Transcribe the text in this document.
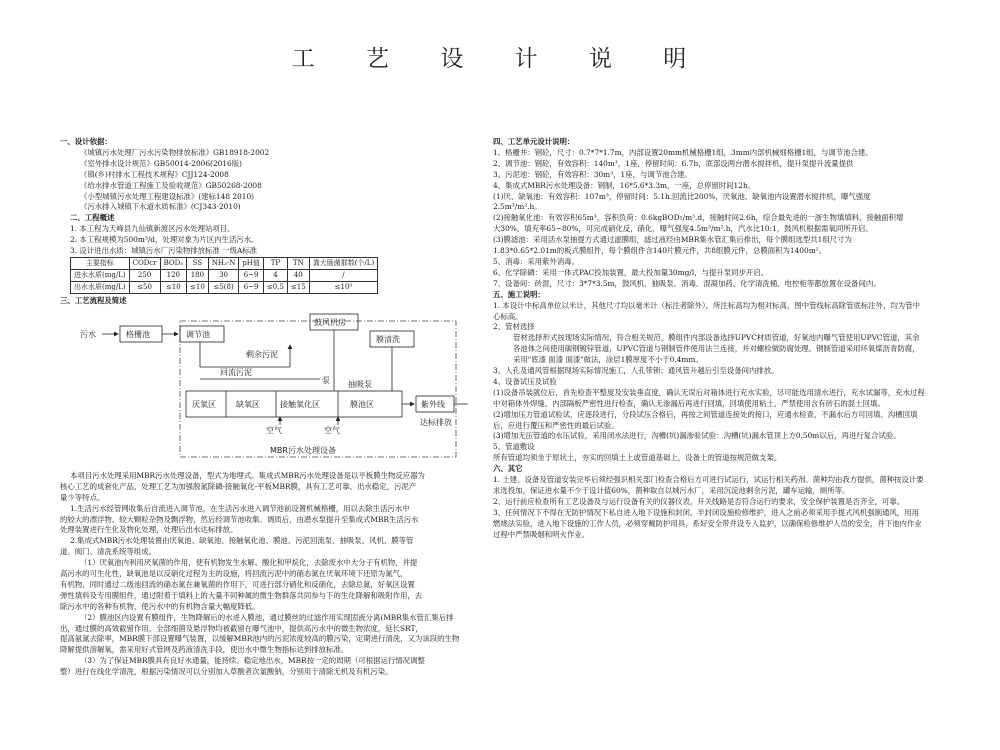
工 艺 设 计 说 明
一、设计依据：
《城镇污水处理厂污水污染物排放标准》GB18918-2002
《室外排水设计规范》GB50014-2006(2016版)
《镇(乡)村排水工程技术规程》CJJ124-2008
《给水排水管道工程施工及验收规范》GB50268-2008
《小型城镇污水处理工程建设标准》(建标148 2010)
《污水排入城镇下水道水质标准》(CJ343-2010)
二、工程概述
1. 本工程为天峰县九仙镇新渡区污水处理站项目。
2. 本工程规模为500m³/d，处理对象为片区内生活污水。
3. 设计进出水质：城镇污水厂污染物排放标准 一级A标准
主要指标	CODcr	BOD₅	SS	NH₃-N	pH值	TP	TN	粪大肠菌群数(个/L)
进水水质(mg/L)	250	120	180	30	6~9	4	40	/
出水水质(mg/L)	≤50	≤10	≤10	≤5(8)	6~9	≤0.5	≤15	≤10³
三、工艺流程及简述
污水	格栅池	调节池
鼓风机房
膜清洗
剩余污泥
回流污泥
泵 抽吸泵
厌氧区	缺氧区	接触氧化区	膜池区	紫外线
达标排放
空气	空气
MBR污水处理设备
本项目污水处理采用MBR污水处理设备，型式为地埋式。集成式MBR污水处理设备是以平板膜生物反应器为
核心工艺的成套化产品，处理工艺为加强脱氮除磷-接触氧化-平板MBR膜，具有工艺可靠、出水稳定，污泥产
量少等特点。
1.生活污水经管网收集后自流进入调节池，在生活污水进入调节池前设置机械格栅，用以去除生活污水中
的较大的漂浮物、较大颗粒杂物及飘浮物，然后经调节池收集、调质后，由潜水泵提升至集成式MBR生活污水
处理装置进行生化及物化处理，处理后出水达标排放。
2.集成式MBR污水处理装置由厌氧池、缺氧池、接触氧化池、膜池、污泥回流泵、抽吸泵、风机、膜等管
道、阀门、清洗系统等组成。
（1）厌氧池内利用厌氧菌的作用，使有机物发生水解、酸化和甲烷化，去除废水中大分子有机物，并提
高污水的可生化性，缺氧池是以反硝化过程为主的设施，将回流污泥中的硝态氮在厌氧环境下还原为氮气，
有机物，同时通过二级池回流的硝态氮在兼氧菌的作用下，可进行部分硝化和反硝化，去除总氮，好氧区设置
弹性填料及专用膜组件，通过附着于填料上的大量不同种属的微生物群落共同参与下的生化降解和吸附作用，去
除污水中的各种有机物，使污水中的有机物含量大幅度降低。
（2）膜池区内设置有膜组件，生物降解后的水进入膜池，通过膜丝的过滤作用实现固液分离(MBR集水管汇集后排
出，通过膜的高效截留作用，全部细菌及悬浮物均被截留在曝气池中，提供高污水中的微生物浓度，延长SRT，
提高氨氮去除率，MBR膜下部设置曝气装置，以缓解MBR池内的污泥浓度较高的膜污染，定期进行清洗，又为该段的生物
降解提供溶解氧，需采用好式管网及药液清洗手段，使出水中微生物指标达到排放标准。
（3）为了保证MBR膜具有良好水通量，能持续、稳定地出水，MBR按一定的周期（可根据运行情况调整
整）进行在线化学清洗，根据污染情况可以分别加入草酸者次氯酸钠，分别用于清除无机及有机污染。
四、工艺单元设计说明：
1、格栅井：钢砼，尺寸：0.7*7*1.7m，内部设置20mm机械格栅1组，3mm内部机械细格栅1组，与调节池合建。
2、调节池：钢砼，有效容积：140m³，1座，停留时间：6.7h，底部设两台潜水搅拌机，提升泵提升流量提供
3、污泥池：钢砼，有效容积：30m³，1座，与调节池合建。
4、集成式MBR污水处理设备：钢制，16*5.6*3.3m，一座，总停留时间12h。
(1)厌、缺氧池：有效容积：107m³，停留时间：5.1h.回流比200%，厌氧池、缺氧池内设置潜水搅拌机，曝气强度
2.5m³/m².h。
(2)接触氧化池：有效容积65m³，容积负荷：0.6kgBOD₅/m³.d，接触时间2.6h，综合最先进的一浙生物填填料，接触面积增
大30%，填充率65~80%，可完成硝化反，硝化，曝气强度4.5m³/m².h，汽水比10:1，鼓风机根据需氧同所开启。
(3)膜滤池：采用活水泵抽提方式通过滤膜组，滤过液经由MBR集水管汇集后排出，每个膜组选型共1组尺寸为
1.83*0.65*2.01m的板式膜组件，每个膜组件含140片膜元件，共8组膜元件，总膜面积为1400m²。
5、消毒：采用紫外消毒。
6、化学除磷：采用一体式PAC投加装置，最大投加量30mg/l，与提升泵同步开启。
7、设备间：砖混，尺寸：3*7*3.5m，鼓风机、抽吸泵、消毒、混凝加药、化学清洗桶、电控柜等都放置在设备间内。
五、施工说明：
1. 本设计中标高单位以米计，其他尺寸均以毫米计（标注者除外），所注标高均为相对标高，图中管线标高除管底标注外，均为管中心标高。
2、管材选择
管材选择形式按现场实际情况，符合相关规范，膜组件内部设备选择UPVC材质管道，好氧池内曝气管使用UPVC管道，其余各池体之间使用碳钢镀锌管道，UPVC管道与钢制管件使用法兰连接，并对螺栓做防腐处理。钢制管道采用环氧煤沥青防腐，采用"底漆 面漆 面漆"做法，涂层1膜厚度不小于0.4mm。
3、人孔及通风管根据现场实际情况施工，人孔带锁；通风管升越后引至设备间内排放。
4、设备试压及试验
(1)设备吊装就位后，首先检查平整度及安装垂直度，确认无误后对箱体进行充水实验，尽可能选用清水进行，充水试漏等，充水过程中对箱体外焊缝、内部隔板严密性进行检查，确认无渗漏后再进行回填，回填使用粘土，严禁使用含有砖石的混土回填。
(2)增加压力管道试验试，应逐段进行，分段试压合格后，再按之间管道连接处的接口，应通水检查，不漏水后方可回填。沟槽回填后，应进行覆压和严密性的最后试验。
(3)增加无压管道的水压试验，采用闭水法进行，沟槽(坑)漏渗验试验：沟槽(坑)漏水管顶上方0.50m以后，再进行复合试验。
5、管道敷设
所有管道均须坐于原状土，夯实的回填土上或管道基础上，设备上的管道按规范做支架。
六、其它
1. 土建、设备及管道安装完毕后须经强识相关部门检查合格后方可进行试运行，试运行相关药剂、菌种均由我方提供，菌种按设计要求选投加，保证进水量不少于设计值60%，菌种取自以城污水厂，采用沉淀池剩余污泥，罐车运输，厕所等。
2、运行前应检查所有工艺设备及与运行设备有关的仪器仪表，开关线路是否符合运行的要求，安全保护装置是否齐全，可靠。
3、任何情况下不得在无防护情况下私自进入地下设施和封闭、半封闭设施检修维护，进入之前必须采用手提式风机强制通风，用用燃烧法实验，进入地下设施的工作人员，必须穿戴防护用具，系好安全带并设专人监护，以确保检修维护人员的安全，并下池内作业过程中严禁吸烟和明火作业。
